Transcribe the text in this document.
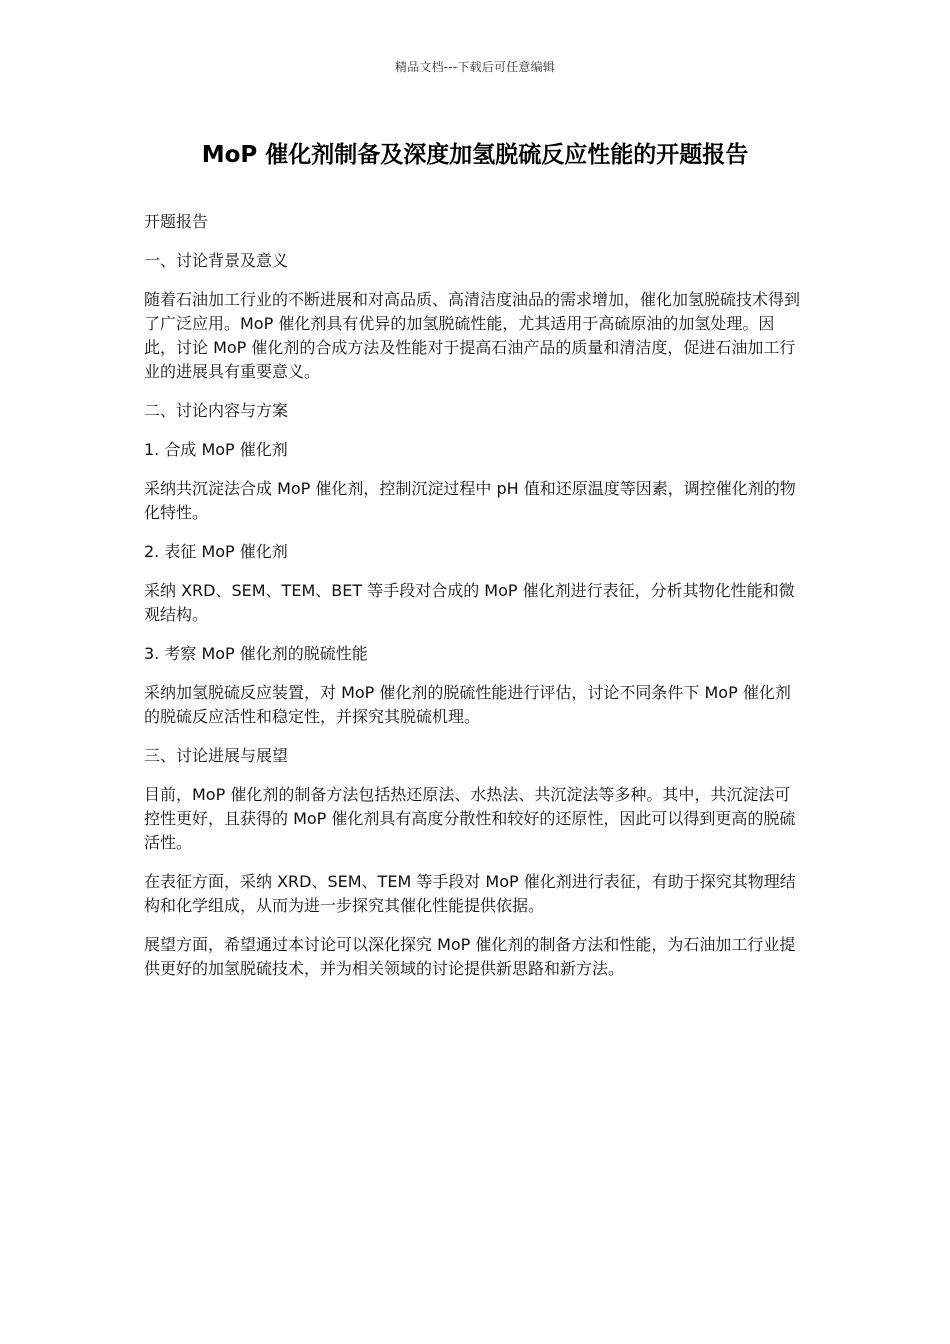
精品文档---下载后可任意编辑
MoP 催化剂制备及深度加氢脱硫反应性能的开题报告

开题报告

一、讨论背景及意义

随着石油加工行业的不断进展和对高品质、高清洁度油品的需求增加，催化加氢脱硫技术得到了广泛应用。MoP 催化剂具有优异的加氢脱硫性能，尤其适用于高硫原油的加氢处理。因此，讨论 MoP 催化剂的合成方法及性能对于提高石油产品的质量和清洁度，促进石油加工行业的进展具有重要意义。

二、讨论内容与方案

1. 合成 MoP 催化剂

采纳共沉淀法合成 MoP 催化剂，控制沉淀过程中 pH 值和还原温度等因素，调控催化剂的物化特性。

2. 表征 MoP 催化剂

采纳 XRD、SEM、TEM、BET 等手段对合成的 MoP 催化剂进行表征，分析其物化性能和微观结构。

3. 考察 MoP 催化剂的脱硫性能

采纳加氢脱硫反应装置，对 MoP 催化剂的脱硫性能进行评估，讨论不同条件下 MoP 催化剂的脱硫反应活性和稳定性，并探究其脱硫机理。

三、讨论进展与展望

目前，MoP 催化剂的制备方法包括热还原法、水热法、共沉淀法等多种。其中，共沉淀法可控性更好，且获得的 MoP 催化剂具有高度分散性和较好的还原性，因此可以得到更高的脱硫活性。

在表征方面，采纳 XRD、SEM、TEM 等手段对 MoP 催化剂进行表征，有助于探究其物理结构和化学组成，从而为进一步探究其催化性能提供依据。

展望方面，希望通过本讨论可以深化探究 MoP 催化剂的制备方法和性能，为石油加工行业提供更好的加氢脱硫技术，并为相关领域的讨论提供新思路和新方法。
